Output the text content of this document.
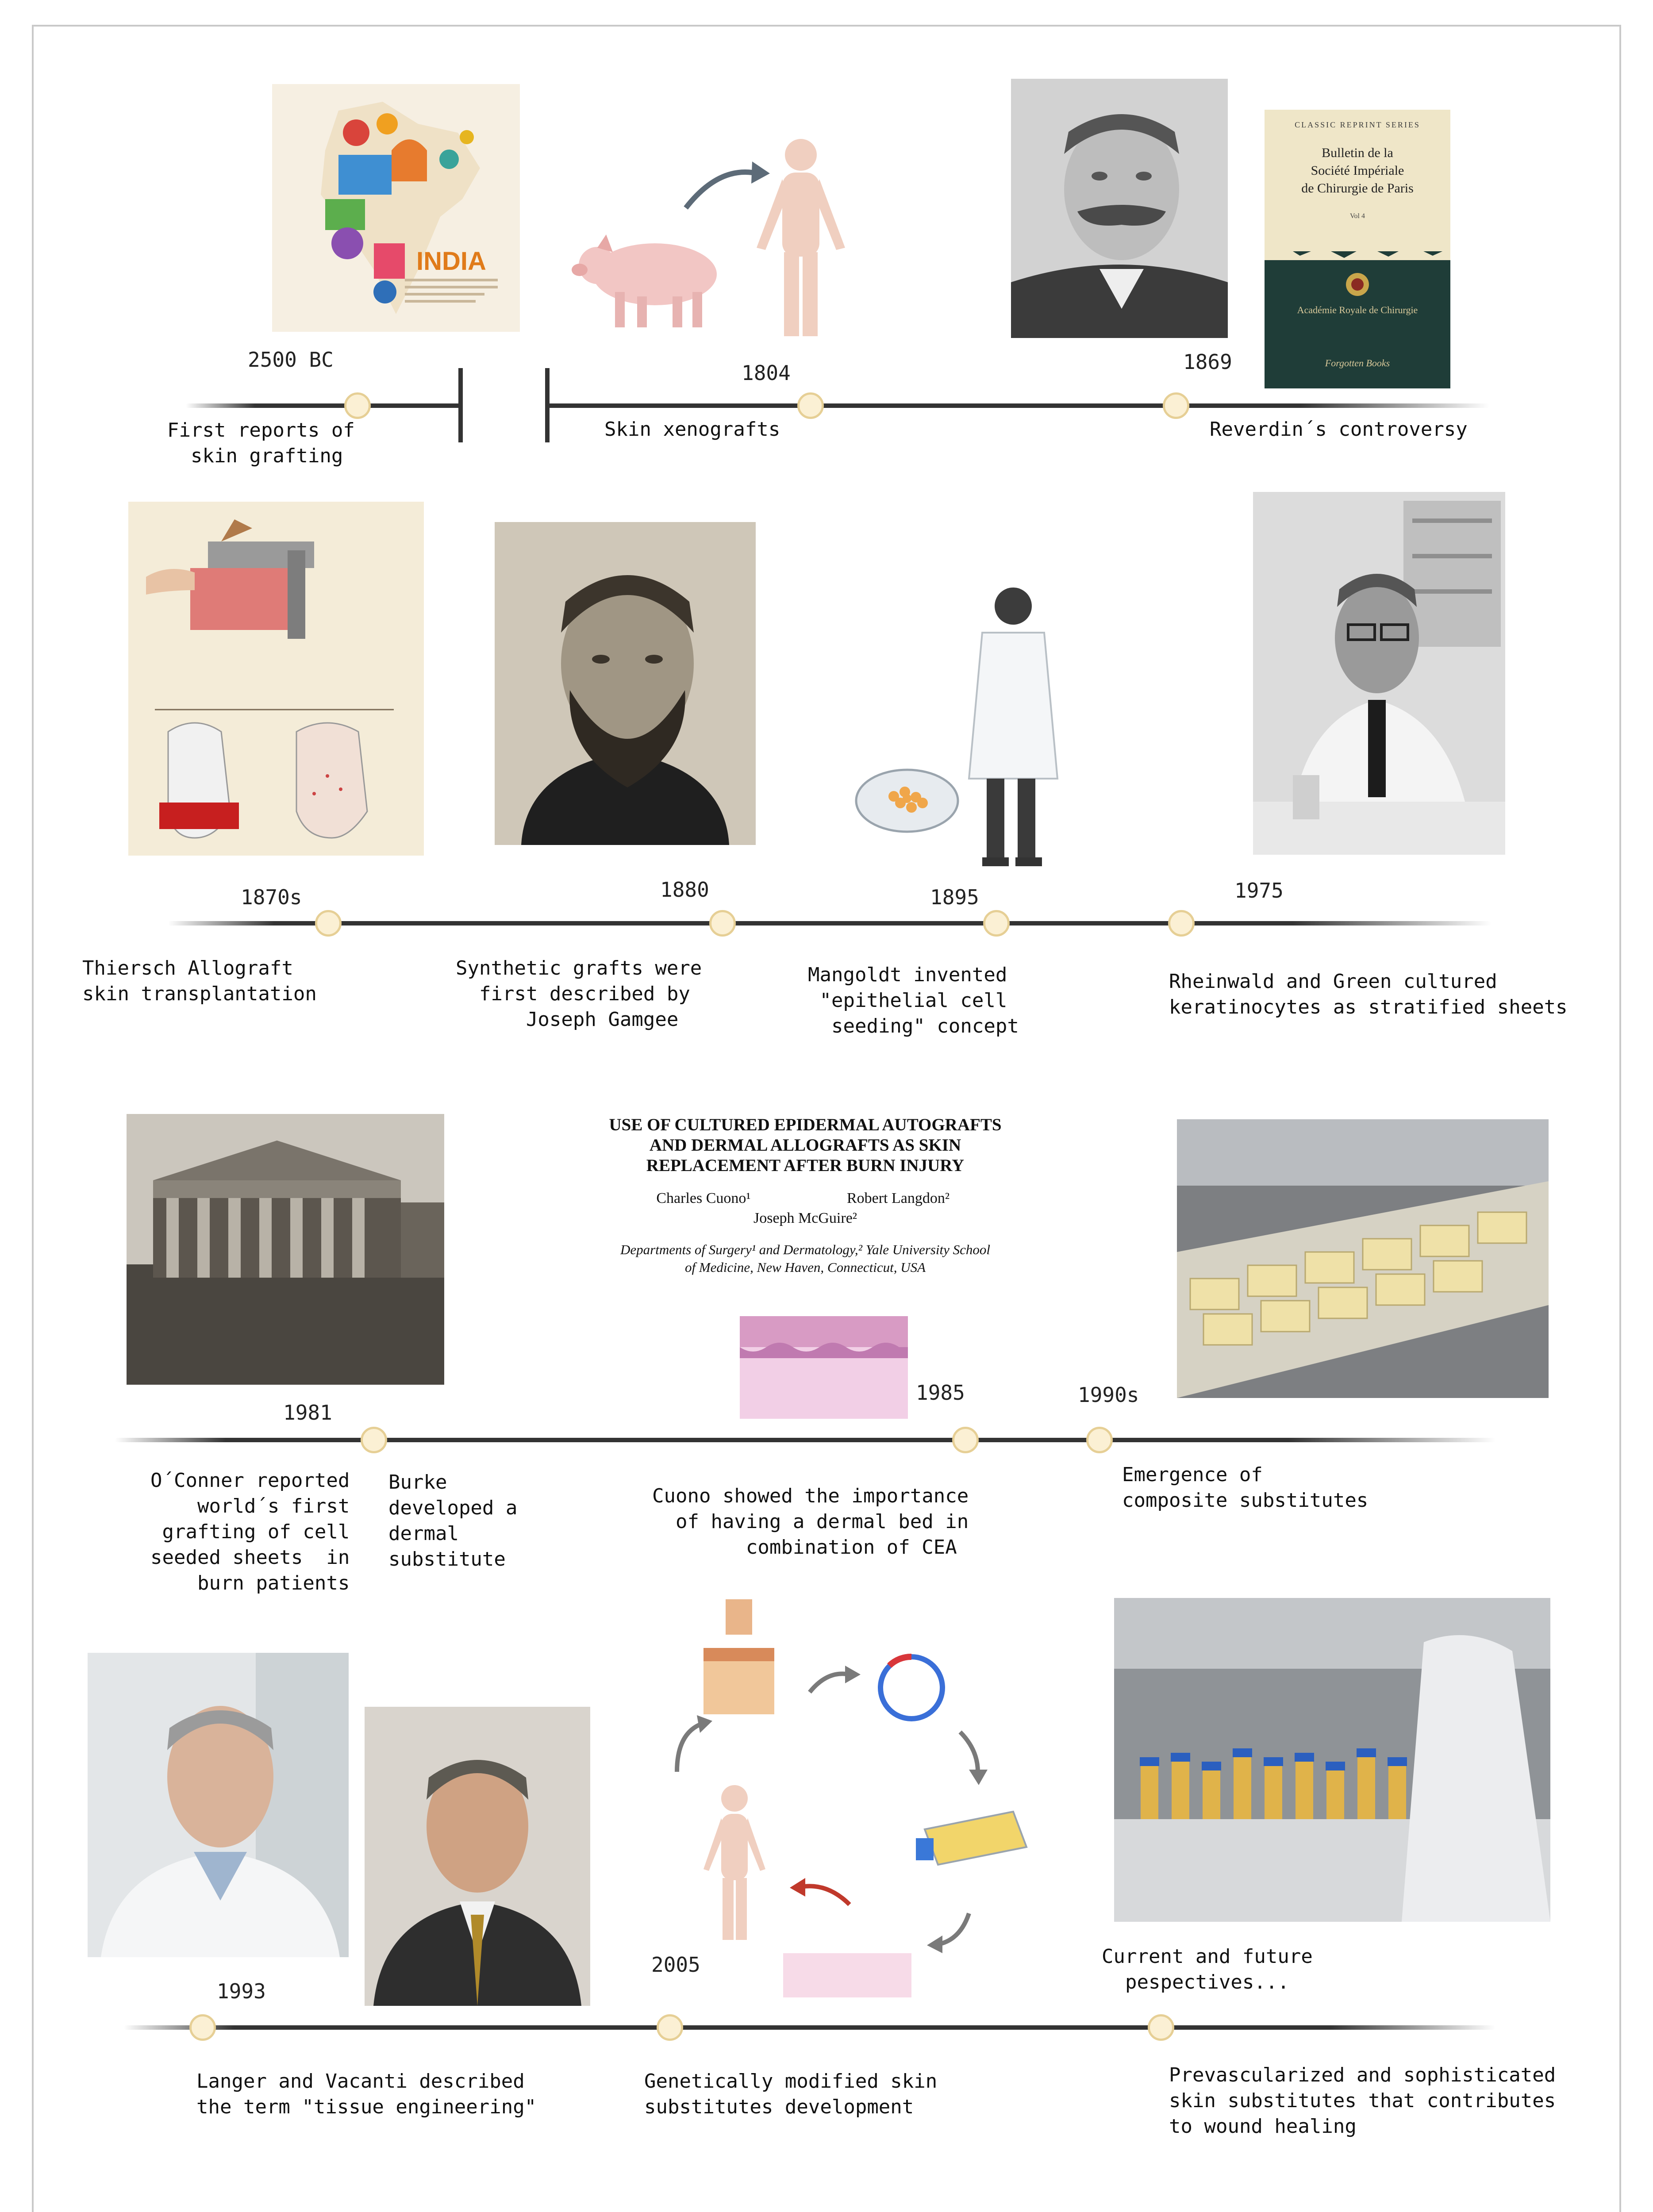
INDIA
CLASSIC REPRINT SERIES
Bulletin de la
Société Impériale
de Chirurgie de Paris
Vol 4
Académie Royale de Chirurgie
Forgotten Books
2500 BC
1804	1869
First reports of
skin grafting
Skin xenografts	Reverdin´s controversy
1870s	1880	1895	1975
Thiersch Allograft
skin transplantation
Synthetic grafts were
first described by
Joseph Gamgee
Mangoldt invented
"epithelial cell
seeding" concept
Rheinwald and Green cultured
keratinocytes as stratified sheets
USE OF CULTURED EPIDERMAL AUTOGRAFTS
AND DERMAL ALLOGRAFTS AS SKIN
REPLACEMENT AFTER BURN INJURY
Charles Cuono¹	Robert Langdon²
Joseph McGuire²
Departments of Surgery¹ and Dermatology,² Yale University School
of Medicine, New Haven, Connecticut, USA
1981
1985	1990s
O´Conner reported
world´s first
grafting of cell
seeded sheets  in
burn patients
Burke
developed a
dermal
substitute
Cuono showed the importance
of having a dermal bed in
combination of CEA
Emergence of
composite substitutes
1993
2005
Langer and Vacanti described
the term "tissue engineering"
Genetically modified skin
substitutes development
Current and future
pespectives...
Prevascularized and sophisticated
skin substitutes that contributes
to wound healing
